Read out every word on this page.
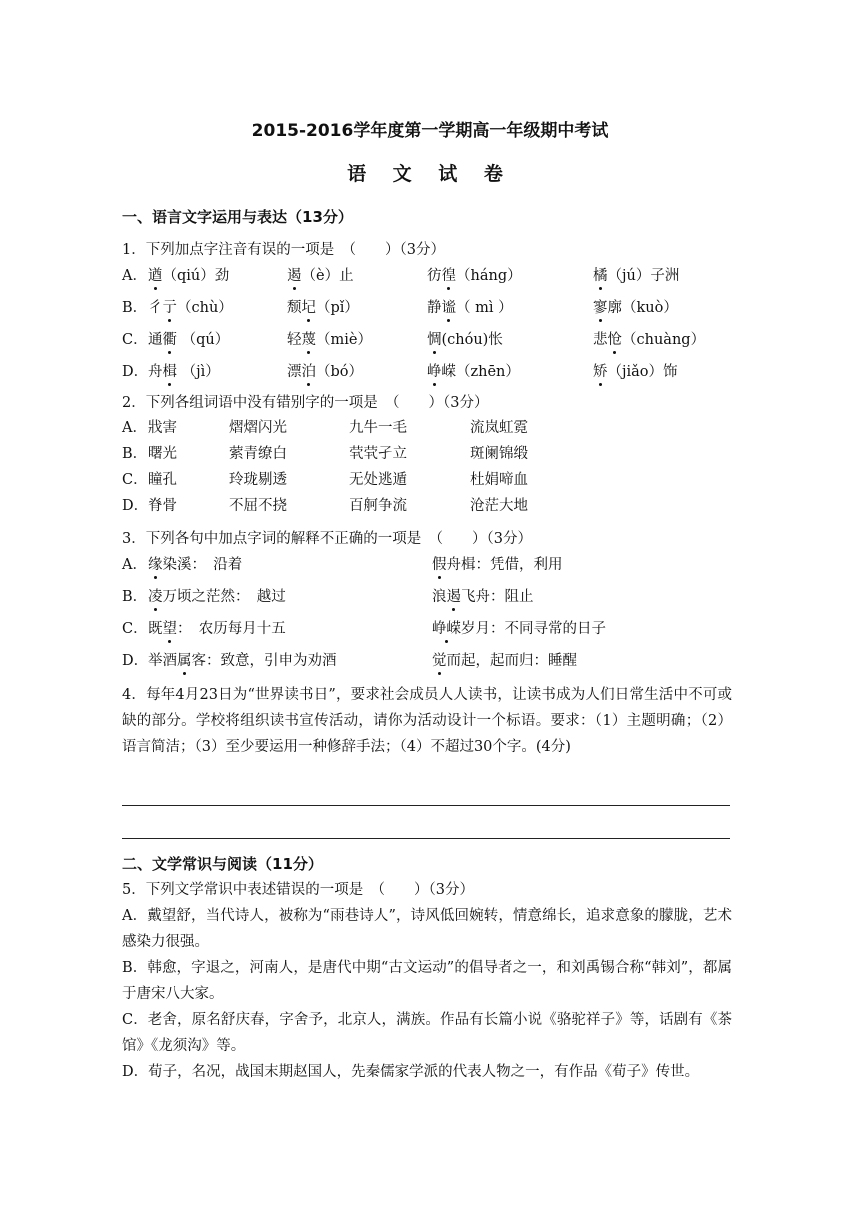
2015-2016学年度第一学期高一年级期中考试
语 文 试 卷
一、语言文字运用与表达（13分）
1．下列加点字注音有误的一项是　（　　）（3分）
A． 遒（qiú）劲	遏（è）止	彷徨（háng）	橘（jú）子洲
B． 彳亍（chù）	颓圮（pǐ）	静谧（ mì ）	寥廓（kuò）
C． 通衢 （qú）	轻蔑（miè）	惆(chóu)怅	悲怆（chuàng）
D． 舟楫 （jì）	漂泊（bó）	峥嵘（zhēn）	矫（jiǎo）饰
2．下列各组词语中没有错别字的一项是　（　　）（3分）
A． 戕害	熠熠闪光	九牛一毛	流岚虹霓
B． 曙光	萦青缭白	茕茕孑立	斑阑锦缎
C． 瞳孔	玲珑剔透	无处逃遁	杜娟啼血
D． 脊骨	不屈不挠	百舸争流	沧茫大地
3．下列各句中加点字词的解释不正确的一项是　（　　）（3分）
A． 缘染溪：　沿着	假舟楫：凭借，利用
B． 凌万顷之茫然：　越过	浪遏飞舟：阻止
C． 既望：　农历每月十五	峥嵘岁月：不同寻常的日子
D． 举酒属客：致意，引申为劝酒	觉而起，起而归：睡醒
4．每年4月23日为“世界读书日”，要求社会成员人人读书，让读书成为人们日常生活中不可或缺的部分。学校将组织读书宣传活动，请你为活动设计一个标语。要求：（1）主题明确；（2）语言简洁；（3）至少要运用一种修辞手法；（4）不超过30个字。(4分)
二、文学常识与阅读（11分）
5．下列文学常识中表述错误的一项是　（　　）（3分）
A．戴望舒，当代诗人，被称为“雨巷诗人”，诗风低回婉转，情意绵长，追求意象的朦胧，艺术感染力很强。
B．韩愈，字退之，河南人，是唐代中期“古文运动”的倡导者之一，和刘禹锡合称“韩刘”，都属于唐宋八大家。
C．老舍，原名舒庆春，字舍予，北京人，满族。作品有长篇小说《骆驼祥子》等，话剧有《茶馆》《龙须沟》等。
D．荀子，名况，战国末期赵国人，先秦儒家学派的代表人物之一，有作品《荀子》传世。
